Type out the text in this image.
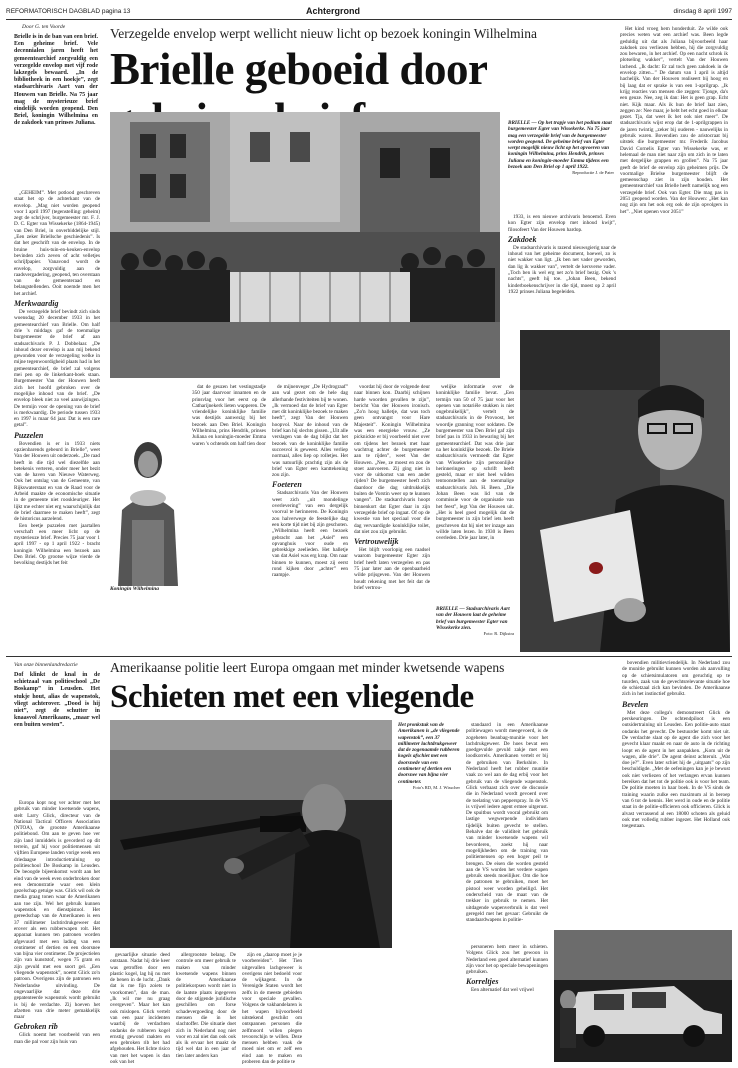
REFORMATORISCH DAGBLAD pagina 13	Achtergrond	dinsdag 8 april 1997
Door G. ten Voorde
Brielle is in de ban van een brief. Een geheime brief. Vele decennialen jaren heeft het gemeentearchief zorgvuldig een verzegelde envelop met vijf rode lakzegels bewaard. „In de bibliotheek in een hoekje”, zegt stadsarchivaris Aart van der Houwen van Brielle. Na 75 jaar mag de mysterieuze brief eindelijk worden geopend. Den Briel, koningin Wilhelmina en de zakdoek van prinses Juliana.
Verzegelde envelop werpt wellicht nieuw licht op bezoek koningin Wilhelmina
Brielle geboeid door
BRIELLE — Op het trapje van het podium staat burgemeester Egter van Wissekerke. Na 75 jaar mag een verzegelde brief van de burgemeester worden geopend. De geheime brief van Egter werpt mogelijk nieuw licht op het opvoeren van koningin Wilhelmina, prins Hendrik, prinses Juliana en koningin-moeder Emma tijdens een bezoek aan Den Briel op 1 april 1922.
Reproductie J. de Pater

„GEHEIM”. Met potlood geschreven staat het op de achterkant van de envelop. „Mag niet worden geopend voor 1 april 1997 (tegenstelling: geheim) zegt de schrijver, burgemeester mr. F. J. D. C. Egter van Wissekerke (1864-1945) van Den Briel, in onverbiddelijke stijl. „Een zeker Briellsche geschiedenis”. Is dat het geschrift van de envelop. In de bruine huis-tuin-en-keuken-envelop bevinden zich zeven of acht velletjes schrijfpapier. Vanavond wordt de envelop, zorgvuldig aan de raadsvergadering, geopend, ten overstaan van de gemeenteraad en belangstellenden. Ooit noemde men het het archief.

Merkwaardig

De verzegelde brief bevindt zich sinds woensdag 20 december 1933 in het gemeentearchief van Brielle. Om half drie 's middags gaf de toenmalige burgemeester de brief af aan stadsarchivaris P. J. Dobbelaar. „De inhoud dezer envelop is aan mij bekend gewonden voor de verzegeling welke in mijne tegenwoordigheid plaats had in het gemeentearchief, de brief zal volgens mei pen op de linkerkant-boek staan. Burgemeester Van der Houwen heeft zich het hoofd gebroken over de mogelijke inhoud van de brief. „De envelop bleek niet zo veel aanwijzingen. De termijn voor de opening van de brief is merkwaardig. De periode tussen 1933 en 1997 is maar 64 jaar. Dat is een rare getal”.

Puzzelen

Bovendien is er in 1933 niets opzienbarends gebeurd in Brielle”, weet Van der Houwen uit onderzoek. „De raad heeft in die tijd wel diezelfde aan betekenis verteren, onder meer het bezit van de haven van Nieuwe Waterweg. Ook het ontslag van de Gemeente, van Rijkswaterstaat en van de Raad voor de Arbeid maakte de economische situatie in de gemeente niet rooskleuriger. Het lijkt me echter niet erg waarschijnlijk dat de brief daarmee te maken heeft”, zegt de historicus aarzelend.

Een beetje puzzelen met jaartallen verschaft een meer licht op de mysterieuze brief. Precies 75 jaar voor 1 april 1997 - op 1 april 1922 - bracht koningin Wilhelmina een bezoek aan Den Briel. Op grootse wijze vierde de bevolking destijds het feit

Koningin Wilhelmina

dat de geuzen het vestingstadje 350 jaar daarvoor innamen en de prinsvlag voor het eerst op de Catharijnekerk lieten wapperen. De vriendelijke koninklijke familie was destijds aanwezig bij het bezoek aan Den Briel. Koningin Wilhelmina, prins Hendrik, prinses Juliana en koningin-moeder Emma waren 's ochtends om half tien door

de mijnenveger „De Hydrograaf” aan wal gezet om de hele dag allerhande festiviteiten bij te wonen. „Ik vermoed dat de brief van Egter met dit koninklijke bezoek te maken heeft”, zegt Van der Houwen hoopvol. Naar de inhoud van de brief kan hij slechts gissen. „Uit alle verslagen van de dag blijkt dat het bezoek van de koninklijke familie succesvol is geweest. Alles verliep normaal, alles liep op rolletjes. Het was natuurlijk prachtig zijn als de brief van Egter een kanttekening zou zijn.

Foeteren

Stadsarchivaris Van der Houwen weet zich „uit mondelinge overlevering” van een dergelijk voorval te herinneren. De Koningin zou halverwege de feestelijke dag een korte tijd niet bij zijn geschoten. „Wilhelmina heeft een bezoek gebracht aan het „Asiel” een opvanghuis voor oude en gebrekkige zeelieden. Het halletje van dat Asiel was erg krap. Om naar binnen te kunnen, moest zij eerst rond kijken door „achter” een raampje.

voordat hij door de volgende deur naar binnen kon. Daarbij schijnen harde woorden gevallen te zijn”, bericht Van der Houwen ironisch. „Zo'n hoog halletje, dat was toch geen ontvangst voor Hare Majesteit”. Koningin Wilhelmina was een energieke vrouw. „Ze picknickte er bij voorbeeld niet over om tijdens het bezoek met haar wachtrug achter de burgemeester aan te rijden”, weet Van der Houwen. „Nee, ze moest en zou de stoet aanvoeren. Zij ging niet in voor de uitkomst van een ander rijden? De burgemeester heeft zich daardoor die dag uitdrukkelijk buiten de Vorstin weer op te kunnen vangen”. De stadsarchivaris hoopt binnenkort dat Egter daar in zijn verzegelde brief op ingaat. Of op de kwestie van het speciaal voor die dag vervaardigde koninklijke toilet, dat niet zou zijn gebruikt.

Vertrouwelijk

Het blijft voorlopig een raadsel waarom burgemeester Egter zijn brief heeft laten verzegelen en pas 75 jaar later aan de openbaarheid wilde prijsgeven. Van der Houwen houdt rekening met het feit dat de brief vertrou-

welijke informatie over de koninklijke familie bevat. „Een termijn van 50 of 75 jaar voor het openen van notariële stukken is niet ongebruikelijk”, vertelt de stadsarchivaris in de Provoost, het woordje granning voor soldaten. De burgemeester van Den Briel gaf zijn brief pas in 1933 in bewaring bij het gemeentearchief. Dat was drie jaar na het koninklijke bezoek. De Briele stadsarchivaris vermoedt dat Egter van Wissekerke zijn persoonlijke herinneringen op schrift heeft gesteld, maar er niet heel wilden tentoonstellen aan de toenmalige stadsarchivaris Joh. H. Been. „Die Johan Been was lid van de commissie voor de organisatie van het feest”, legt Van der Houwen uit. „Het is heel goed mogelijk dat de burgemeester in zijn brief iets heeft geschreven dat hij niet ter inzage aan willde laten lezen. In 1930 is Been overleden. Drie jaar later, in

BRIELLE — Stadsarchivaris Aart van der Houwen laat de geheime brief van burgemeester Egter van Wissekerke zien.
Foto: R. Dijkstra

1933, is een nieuwe archivaris benoemd. Even kon Egter zijn envelop met inhoud kwijt”, filosofeert Van der Houwen hardop.

Zakdoek

De stadsarchivaris is razend nieuwsgierig naar de inhoud van het geheime document, hoewel, zo is niet wakker van ligt. „Ik ben net vader geworden, dan lig ik wakker van”, vertelt de kersverse vader. „Toch ben ik wel erg net zo'n brief bezig. Ook 's nachts”, geeft hij toe. „Johan Been, bekend kinderboekenschrijver in die tijd, moest op 2 april 1922 prinses Juliana begeleiden.

Het kind vroeg hem honderduit. Ze wilde ook precies weten wat een archief was. Been legde geduldig uit dat als Juliana bijvoorbeeld haar zakdoek zou verliezen hebben, hij die zorgvuldig zou bewaren, in het archief. Op een nacht schrok ik plotseling wakker”, vertelt Van der Houwen lachend. „Ik dacht: Er zal toch geen zakdoek in de envelop zitten...” De datum van 1 april is altijd hachelijk. Van der Houwen realiseert bij hoog en bij laag dat er sprake is van een 1-aprilgrap. „Ik krijg reacties van mensen die zeggen: Tjonge, da's een geuze. Nee, zeg ik dan: Het is geen grap. Echt niet. Kijk maar. Als ik hun de brief laat zien, zeggen ze: Nee maar, je hebt het echt goed in elkaar gezet. Tja, dat weet ik het ook niet meer”. De stadsarchivaris wijst erop dat de 1-aprilgrappen in de jaren twintig „zeker bij ouderen - nauwelijks in gebruik waren. Bovendien zou de aristocraat bij uitstek die burgemeester mr. Frederik Jacobus David Cornelis Egter van Wissekerke was, er helemaal de man niet naar zijn om zich in te laten met dergelijke grappen en grollen”. Na 75 jaar geeft de brief de envelop zijn geheimen prijs. De voormalige Brielse burgemeester blijft de gemeenschap ziet in zijn houden. Het gemeentearchief van Brielle heeft namelijk nog een verzegelde brief. Ook van Egter. Die mag pas in 2051 geopend worden. Van der Houwen: „Het kan nog zijn om het ook erg ook de zijn opvolgers in het”. „Niet openen voor 2051”

Van onze binnenlandredactie
Dof klinkt de knal in de schietzaal van politieschool „De Boskamp” in Leusden. Het stukje hout, alias de wapenstok, vliegt achterover. „Dood is hij niet”, zegt de schutter in knaasvol Amerikaans, „maar wel een buiten westen”.
Amerikaanse politie leert Europa omgaan met minder kwetsende wapens
Schieten met een vliegende

Europa kopt nog ver achter met het gebruik van minder kwetsende wapens, stelt Larry Glick, directeur van de National Tactical Officers Association (NTOA), de grootste Amerikaanse politiebond. Om aan te geven hoe ver zijn land inmiddels is gevorderd op dit terrein, gaf hij voor politiemensen uit vijftien Europese landen vorige week een driedaagse introductietraining op politieschool De Boskamp in Leusden. De beoogde bijeenkomst wordt aan het eind van de week even onderbroken door een demonstratie waar een klein gezelschap getuige was. Glick wil ook de media graag tonen waar de Amerikanen aan toe zijn. Wel het gebruik kunnen wapenstok en dienstpistool. Het gereedschap van de Amerikanen is een 37 millimeter lachtirdrukgeweer dat erover als een rubberwapen rolt. Het apparaat kunnen ten patronen worden afgevuurd met een lading van een centimeter of dertien en een doorsnee van bijna vier centimeter. De projectielen zijn van kunststof, wegen 75 gram en zijn gevuld met een soort gel. „Een vliegende wapenstok”, noemt Glick zo'n patroon. Overigens zijn de patronen een Nederlandse uitvinding. De ongevaarlijke dat deze drie gepatenteerde wapenstok wordt gebruikt is bij de verdachte. Zij hoeven het afzetten van drie meter gemakkelijk maar

Gebroken rib

Glick noemt het voorbeeld van een man die pal voor zijn huis van

Het pronkstuk van de Amerikanen is „de vliegende wapenstok”, een 37 millimeter lachtdrukgeweer dat de zogenaamde rubberen kogels afschiet met een doorsnede van een centimeter of dertien een doorsnee van bijna vier centimeter.
Foto's RD, M. J. Wisscher

gevaarlijke situatie deed ontstaan. Nadat hij drie keer was getroffen door een plastic kogel, lag hij nu met de benen in de lucht. „Dank dat is me fijn zoiets te voorkomen”, dan de man. „Ik wil me nu graag overgeven”. Maar het kan ook mislopen. Glick vertelt van een paar incidenten waarbij de verdachten ondanks de rubberen kogel ernstig gewond raakten en een gebroken rib het had afgehouden. Het lichte risico van met het wapen is dan ook van het

allergrootste belang. De controle om meer gebruik te maken van minder kwetsende wapens binnen de Amerikaanse politiekorpsen wordt niet in de laatste plaats ingegeven door de stijgende juridische geschillen om forse schadevergoeding door de mensen die in het slachtoffer. Die situatie doet zich in Nederland nog niet voor en zal niet dan ook ook als ik ervaar het maakt de tijd wel dat in een jaar of tien later anders kan

zijn en „daarop moet je je voorbereiden”. Het Tien uitgevallen lachgeweer is overigens niet bedoeld voor de wijkagent. In de Verenigde Staten wordt het zelfs in de meeste gebieden voor speciale gevallen. Volgens de vakhandelaren is het wapen bijvoorbeeld uitstekend geschikt om ontspannen personen die zelfmoord willen plegen tevoorschijn te willen. Deze mensen hebben vaak de moed niet om er zelf een eind aan te maken en proberen dan de politie te

standaard in een Amerikaanse politiewagen wordt meegevoerd, is de zogeheten beanbag-munitie voor het lachdrukgeweer. De hoes bevat een goedgevulde gevuld zakje met een loodkorrels. Amerikanen vertelt er bij de gebruiken van Berkshire. In Nederland heeft het rubber munitie vaak zo wel aan de dag erbij voor het gebruik van de vliegende wapenstok. Glick verbaast zich over de discussie die in Nederland wordt gevoerd over de toelating van pepperspray. In de VS is vrijwel iedere agent ermee uitgerust. De spuitbus wordt vooral gebruikt om lastige wegwerpende individuen tijdelijk buiten gevecht te stellen. Behalve dat de validiteit het gebruik van minder kwetsende wapens wil bevorderen, zoekt hij naar mogelijkheden om de training van politiemensen op een hoger peil te brengen. De eisen die worden gesteld aan de VS worden het verdere wapen gebruik steeds moeilijker. Om die hoe de patronen te gebruiken, moet het pistool weer worden geheiligd. Het onderscheid van de maat van de trekker in gebruik te nemen. Het uitdagende wapenverbruik is dat veel geregeld met het gevaar: Gebruikt de standaardwapens in politie-

personeren hem meer in schieten. Volgens Glick zou het gewoon in Nederland een goed alternatief kunnen zijn voor het op speciale bewapeningen gebruiken.

Korreltjes

Een alternatief dat wel vrijwel

bovendien militievriendelijk. In Nederland zou de munitie gebruikt kunnen worden als aanvulling op de schietsimulatoren om geruchtig op te tuurden, zaak van de gevechtsrelevante situatie hoe de schietzaal zich kan bevinden. De Amerikaanse zich in het instinctief gebruikt.

Bevelen

Met deze collega's demonstreert Glick de perskeuringen. De ochtendpiloot is een outsidertraining uit Leusden. Een politie-auto staat ondanks het gevecht. De bestuurder komt niet uit. De verdachte slaat op de agent die zich voor het gevecht klaar maakt en naar de auto in de richting loopt en de agent in het aanpakken. „Kom uit de wagen, alle drie”. De agent deinst achteruit. „Wat doe je?”. Even later schiet hij de „uitgaats” op zijn beschuldigde. „Met de oefeningen kan je je bewust ook niet verliezen of het verlangen ervan kunnen bereiken dat het tot de politie ook is voor het team. De politie moeten in haar boek. In de VS sinds de training waarin zulke een maximum al in beroep van 6 tot de kennis. Het werd in oude en de politie staat in de politie-officieren ook officieren. Glick is alvast verrassend al een 18000 schoten als geluid ook met volledig rubber ingezet. Het Holland ook toegestaan.
